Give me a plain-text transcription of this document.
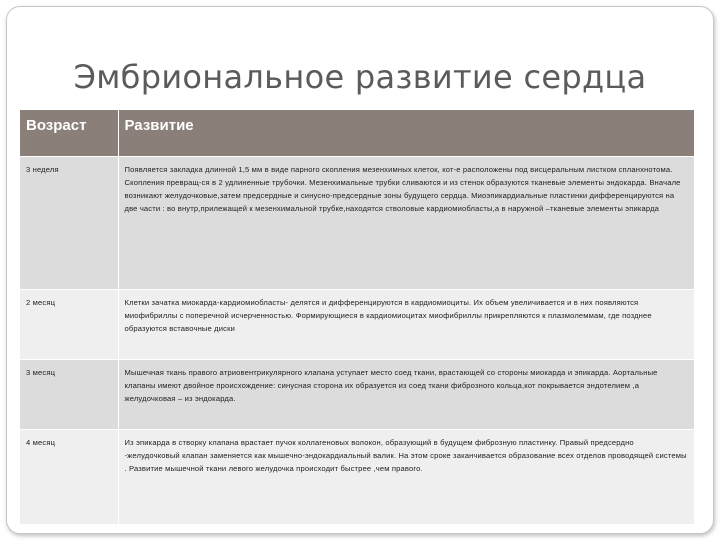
Эмбриональное развитие сердца
Возраст	Развитие
3 неделя	Появляется закладка длинной 1,5 мм в виде парного скопления мезенхимных клеток, кот-е расположены под висцеральным листком спланхнотома. Скопления превращ-ся в 2 удлиненные трубочки. Мезенхимальные трубки сливаются и из стенок образуются тканевые элементы эндокарда. Вначале возникают желудочковые,затем предсердные и синусно-предсердные зоны будущего сердца. Миоэпикардиальные пластинки дифференцируются на две части : во внутр,прилежащей к мезенхимальной трубке,находятся стволовые кардиомиобласты,а в наружной –тканевые элементы эпикарда
2 месяц	Клетки зачатка миокарда-кардиомиобласты- делятся и дифференцируются в кардиомиоциты. Их объем увеличивается и в них появляются миофибриллы с поперечной исчерченностью. Формирующиеся в кардиомиоцитах миофибриллы прикрепляются к плазмолеммам, где позднее образуются вставочные диски
3 месяц	Мышечная ткань правого атриовентрикулярного клапана уступает место соед ткани, врастающей со стороны миокарда и эпикарда. Аортальные клапаны имеют двойное происхождение: синусная сторона их образуется из соед ткани фиброзного кольца,кот покрывается эндотелием ,а желудочковая – из эндокарда.
4 месяц	Из эпикарда в створку клапана врастает пучок коллагеновых волокон, образующий в будущем фиброзную пластинку. Правый предсердно -желудочковый клапан заменяется как мышечно-эндокардиальный валик. На этом сроке заканчивается образование всех отделов проводящей системы . Развитие мышечной ткани левого желудочка происходит быстрее ,чем правого.
